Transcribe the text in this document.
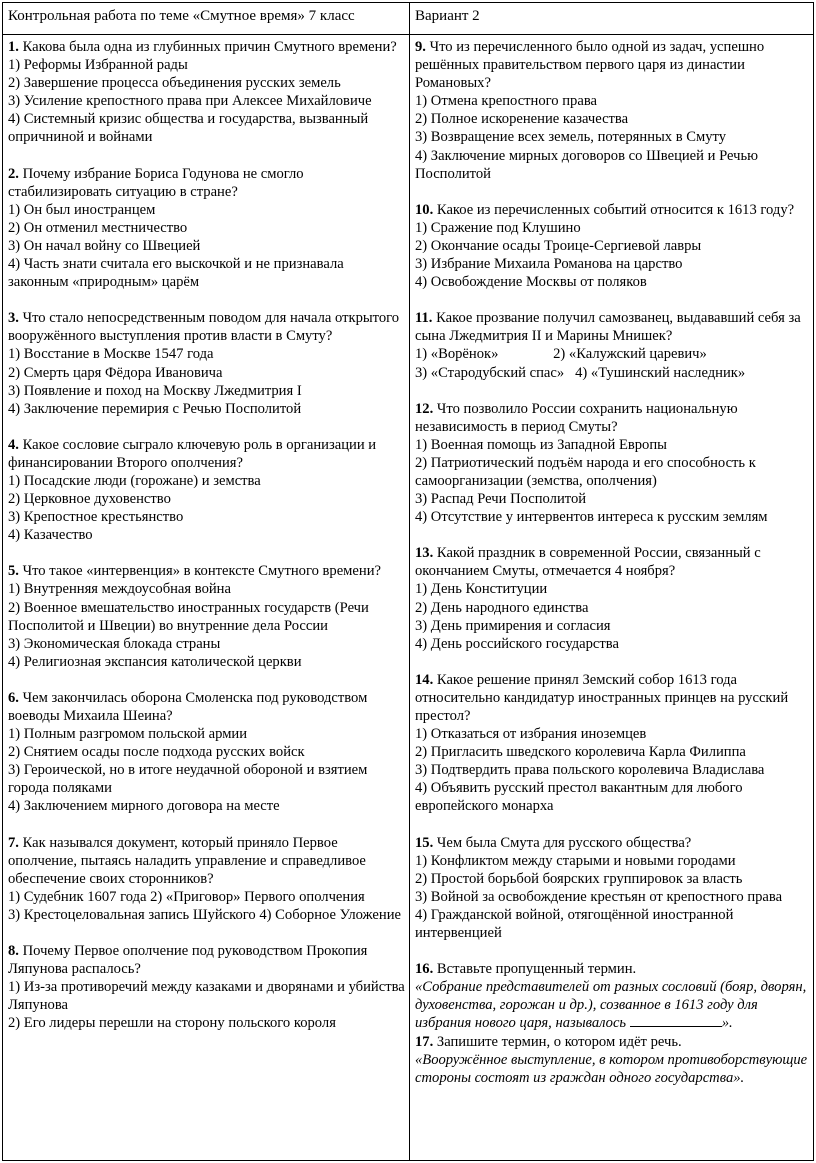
Контрольная работа по теме «Смутное время» 7 класс	Вариант 2

1. Какова была одна из глубинных причин Смутного времени?

1) Реформы Избранной рады

2) Завершение процесса объединения русских земель

3) Усиление крепостного права при Алексее Михайловиче

4) Системный кризис общества и государства, вызванный опричниной и войнами

2. Почему избрание Бориса Годунова не смогло стабилизировать ситуацию в стране?

1) Он был иностранцем

2) Он отменил местничество

3) Он начал войну со Швецией

4) Часть знати считала его выскочкой и не признавала законным «природным» царём

3. Что стало непосредственным поводом для начала открытого вооружённого выступления против власти в Смуту?

1) Восстание в Москве 1547 года

2) Смерть царя Фёдора Ивановича

3) Появление и поход на Москву Лжедмитрия I

4) Заключение перемирия с Речью Посполитой

4. Какое сословие сыграло ключевую роль в организации и финансировании Второго ополчения?

1) Посадские люди (горожане) и земства

2) Церковное духовенство

3) Крепостное крестьянство

4) Казачество

5. Что такое «интервенция» в контексте Смутного времени?

1) Внутренняя междоусобная война

2) Военное вмешательство иностранных государств (Речи Посполитой и Швеции) во внутренние дела России

3) Экономическая блокада страны

4) Религиозная экспансия католической церкви

6. Чем закончилась оборона Смоленска под руководством воеводы Михаила Шеина?

1) Полным разгромом польской армии

2) Снятием осады после подхода русских войск

3) Героической, но в итоге неудачной обороной и взятием города поляками

4) Заключением мирного договора на месте

7. Как назывался документ, который приняло Первое ополчение, пытаясь наладить управление и справедливое обеспечение своих сторонников?

1) Судебник 1607 года 2) «Приговор» Первого ополчения

3) Крестоцеловальная запись Шуйского 4) Соборное Уложение

8. Почему Первое ополчение под руководством Прокопия Ляпунова распалось?

1) Из-за противоречий между казаками и дворянами и убийства Ляпунова

2) Его лидеры перешли на сторону польского короля

9. Что из перечисленного было одной из задач, успешно решённых правительством первого царя из династии Романовых?

1) Отмена крепостного права

2) Полное искоренение казачества

3) Возвращение всех земель, потерянных в Смуту

4) Заключение мирных договоров со Швецией и Речью Посполитой

10. Какое из перечисленных событий относится к 1613 году?

1) Сражение под Клушино

2) Окончание осады Троице-Сергиевой лавры

3) Избрание Михаила Романова на царство

4) Освобождение Москвы от поляков

11. Какое прозвание получил самозванец, выдававший себя за сына Лжедмитрия II и Марины Мнишек?

1) «Ворёнок»               2) «Калужский царевич»

3) «Стародубский спас»   4) «Тушинский наследник»

12. Что позволило России сохранить национальную независимость в период Смуты?

1) Военная помощь из Западной Европы

2) Патриотический подъём народа и его способность к самоорганизации (земства, ополчения)

3) Распад Речи Посполитой

4) Отсутствие у интервентов интереса к русским землям

13. Какой праздник в современной России, связанный с окончанием Смуты, отмечается 4 ноября?

1) День Конституции

2) День народного единства

3) День примирения и согласия

4) День российского государства

14. Какое решение принял Земский собор 1613 года относительно кандидатур иностранных принцев на русский престол?

1) Отказаться от избрания иноземцев

2) Пригласить шведского королевича Карла Филиппа

3) Подтвердить права польского королевича Владислава

4) Объявить русский престол вакантным для любого европейского монарха

15. Чем была Смута для русского общества?

1) Конфликтом между старыми и новыми городами

2) Простой борьбой боярских группировок за власть

3) Войной за освобождение крестьян от крепостного права

4) Гражданской войной, отягощённой иностранной интервенцией

16. Вставьте пропущенный термин.

«Собрание представителей от разных сословий (бояр, дворян, духовенства, горожан и др.), созванное в 1613 году для избрания нового царя, называлось	».

17. Запишите термин, о котором идёт речь.

«Вооружённое выступление, в котором противоборствующие стороны состоят из граждан одного государства».
